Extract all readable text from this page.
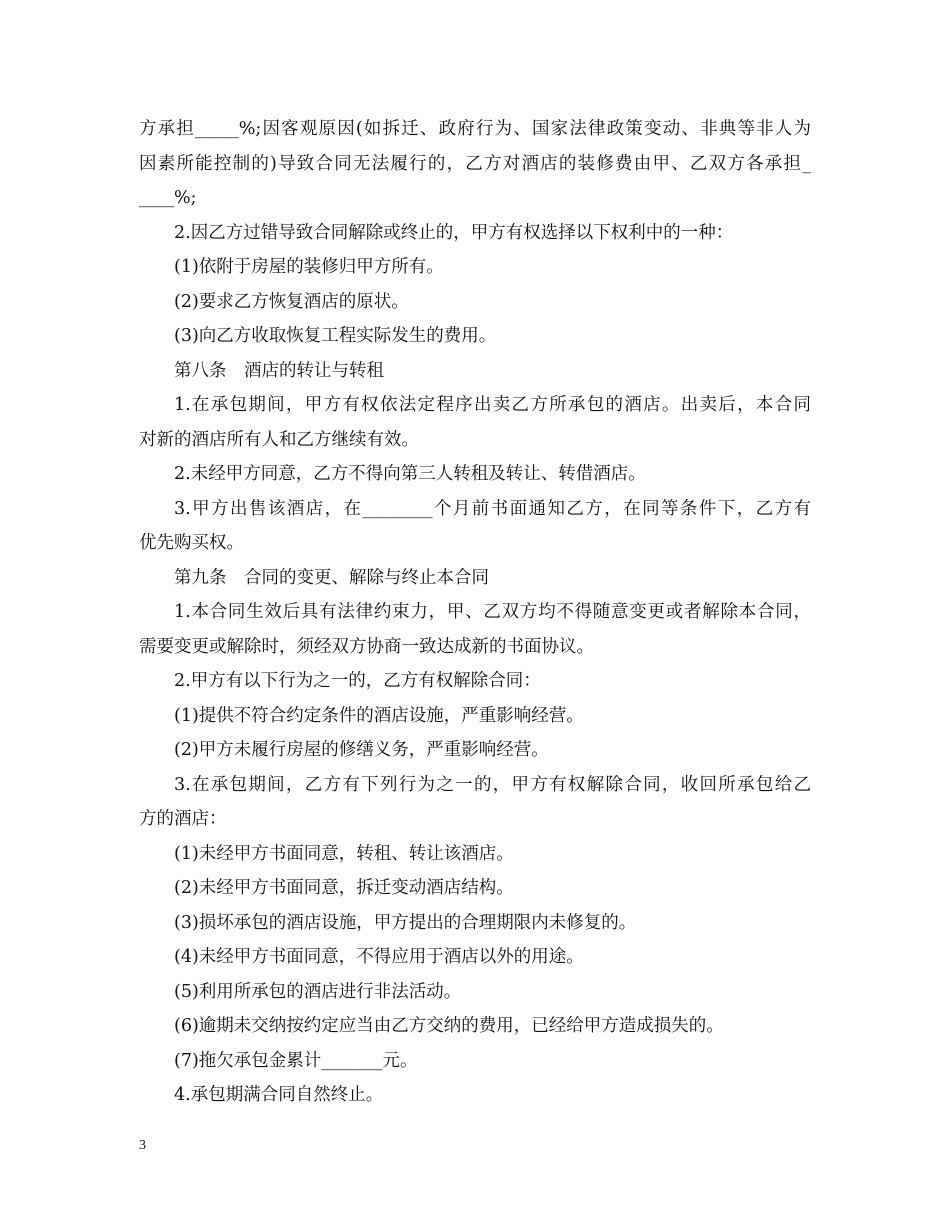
方承担_____%;因客观原因(如拆迁、政府行为、国家法律政策变动、非典等非人为
因素所能控制的)导致合同无法履行的，乙方对酒店的装修费由甲、乙双方各承担_
____%;
2.因乙方过错导致合同解除或终止的，甲方有权选择以下权利中的一种：
(1)依附于房屋的装修归甲方所有。
(2)要求乙方恢复酒店的原状。
(3)向乙方收取恢复工程实际发生的费用。
第八条　酒店的转让与转租
1.在承包期间，甲方有权依法定程序出卖乙方所承包的酒店。出卖后，本合同
对新的酒店所有人和乙方继续有效。
2.未经甲方同意，乙方不得向第三人转租及转让、转借酒店。
3.甲方出售该酒店，在________个月前书面通知乙方，在同等条件下，乙方有
优先购买权。
第九条　合同的变更、解除与终止本合同
1.本合同生效后具有法律约束力，甲、乙双方均不得随意变更或者解除本合同，
需要变更或解除时，须经双方协商一致达成新的书面协议。
2.甲方有以下行为之一的，乙方有权解除合同：
(1)提供不符合约定条件的酒店设施，严重影响经营。
(2)甲方未履行房屋的修缮义务，严重影响经营。
3.在承包期间，乙方有下列行为之一的，甲方有权解除合同，收回所承包给乙
方的酒店：
(1)未经甲方书面同意，转租、转让该酒店。
(2)未经甲方书面同意，拆迁变动酒店结构。
(3)损坏承包的酒店设施，甲方提出的合理期限内未修复的。
(4)未经甲方书面同意，不得应用于酒店以外的用途。
(5)利用所承包的酒店进行非法活动。
(6)逾期未交纳按约定应当由乙方交纳的费用，已经给甲方造成损失的。
(7)拖欠承包金累计_______元。
4.承包期满合同自然终止。
3
